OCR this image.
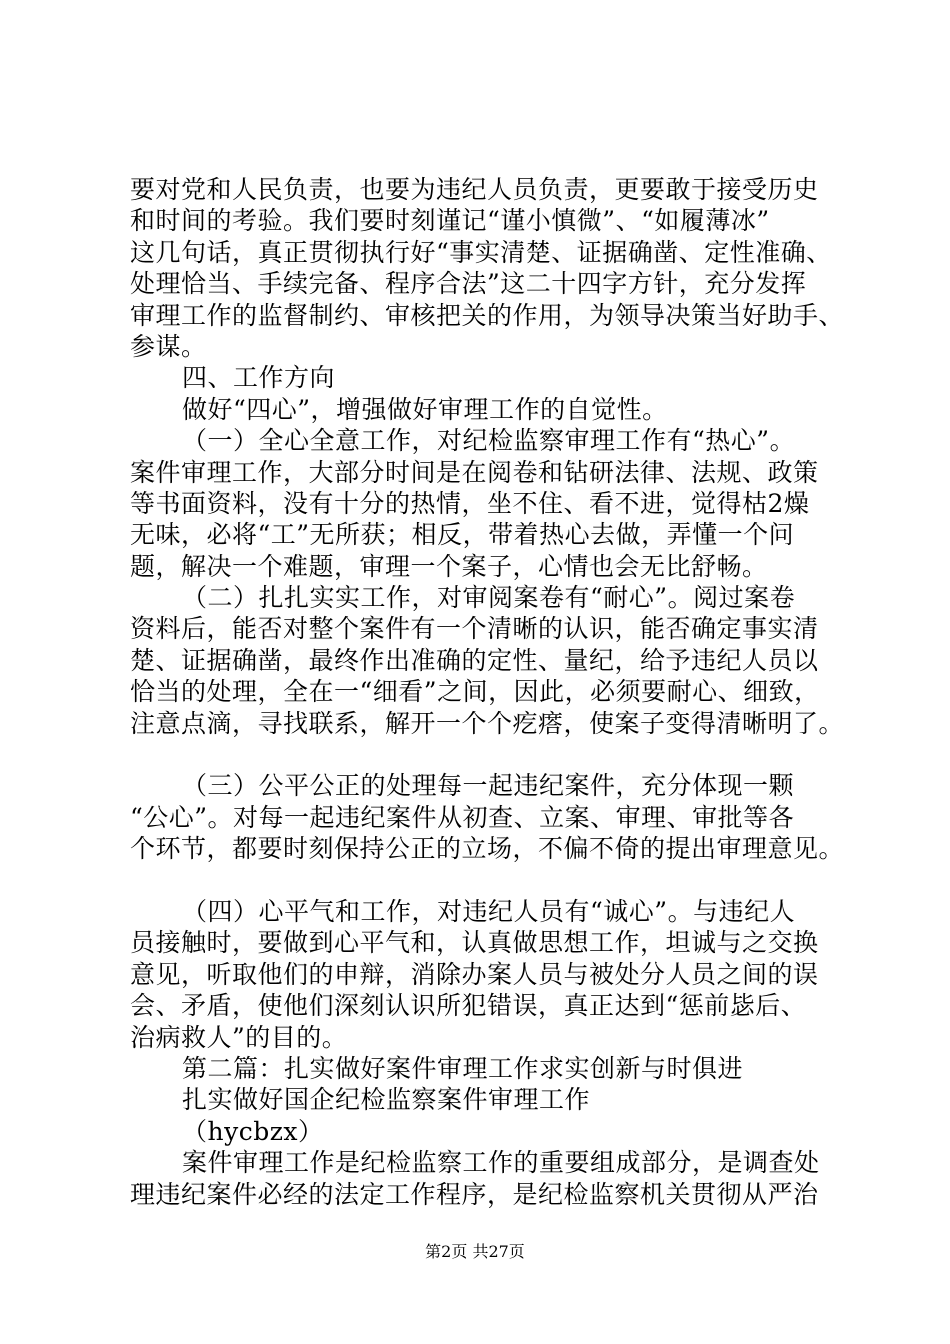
要对党和人民负责，也要为违纪人员负责，更要敢于接受历史
和时间的考验。我们要时刻谨记“谨小慎微”、“如履薄冰”
这几句话，真正贯彻执行好“事实清楚、证据确凿、定性准确、
处理恰当、手续完备、程序合法”这二十四字方针，充分发挥
审理工作的监督制约、审核把关的作用，为领导决策当好助手、
参谋。
四、工作方向
做好“四心”，增强做好审理工作的自觉性。
（一）全心全意工作，对纪检监察审理工作有“热心”。
案件审理工作，大部分时间是在阅卷和钻研法律、法规、政策
等书面资料，没有十分的热情，坐不住、看不进，觉得枯2燥
无味，必将“工”无所获；相反，带着热心去做，弄懂一个问
题，解决一个难题，审理一个案子，心情也会无比舒畅。
（二）扎扎实实工作，对审阅案卷有“耐心”。阅过案卷
资料后，能否对整个案件有一个清晰的认识，能否确定事实清
楚、证据确凿，最终作出准确的定性、量纪，给予违纪人员以
恰当的处理，全在一“细看”之间，因此，必须要耐心、细致，
注意点滴，寻找联系，解开一个个疙瘩，使案子变得清晰明了。
（三）公平公正的处理每一起违纪案件，充分体现一颗
“公心”。对每一起违纪案件从初查、立案、审理、审批等各
个环节，都要时刻保持公正的立场，不偏不倚的提出审理意见。
（四）心平气和工作，对违纪人员有“诚心”。与违纪人
员接触时，要做到心平气和，认真做思想工作，坦诚与之交换
意见，听取他们的申辩，消除办案人员与被处分人员之间的误
会、矛盾，使他们深刻认识所犯错误，真正达到“惩前毖后、
治病救人”的目的。
第二篇：扎实做好案件审理工作求实创新与时俱进
扎实做好国企纪检监察案件审理工作
（hycbzx）
案件审理工作是纪检监察工作的重要组成部分，是调查处
理违纪案件必经的法定工作程序，是纪检监察机关贯彻从严治
第2页 共27页
